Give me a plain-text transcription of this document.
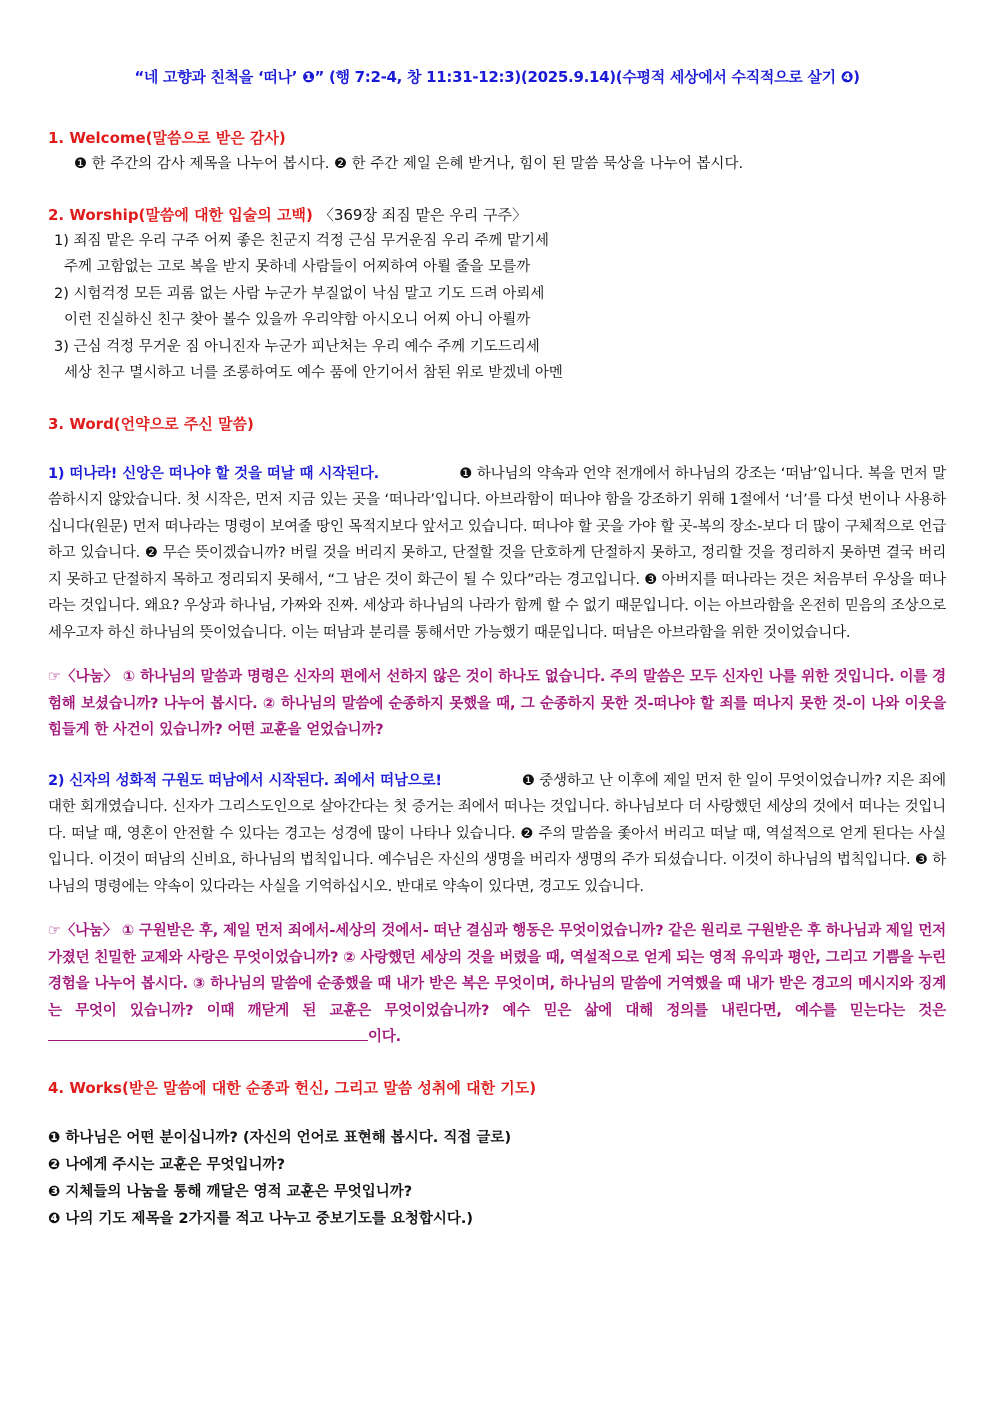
“네 고향과 친척을 ‘떠나’ ❶” (행 7:2-4, 창 11:31-12:3)(2025.9.14)(수평적 세상에서 수직적으로 살기 ❹)

1. Welcome(말씀으로 받은 감사)

❶ 한 주간의 감사 제목을 나누어 봅시다. ❷ 한 주간 제일 은혜 받거나, 힘이 된 말씀 묵상을 나누어 봅시다.

2. Worship(말씀에 대한 입술의 고백) 〈369장 죄짐 맡은 우리 구주〉

1) 죄짐 맡은 우리 구주 어찌 좋은 친군지 걱정 근심 무거운짐 우리 주께 맡기세

주께 고함없는 고로 복을 받지 못하네 사람들이 어찌하여 아뢸 줄을 모를까

2) 시험걱정 모든 괴롬 없는 사람 누군가 부질없이 낙심 말고 기도 드려 아뢰세

이런 진실하신 친구 찾아 볼수 있을까 우리약함 아시오니 어찌 아니 아뢸까

3) 근심 걱정 무거운 짐 아니진자 누군가 피난처는 우리 예수 주께 기도드리세

세상 친구 멸시하고 너를 조롱하여도 예수 품에 안기어서 참된 위로 받겠네 아멘

3. Word(언약으로 주신 말씀)

1) 떠나라! 신앙은 떠나야 할 것을 떠날 때 시작된다.	❶ 하나님의 약속과 언약 전개에서 하나님의 강조는 ‘떠남’입니다. 복을 먼저 말씀하시지 않았습니다. 첫 시작은, 먼저 지금 있는 곳을 ‘떠나라’입니다. 아브라함이 떠나야 함을 강조하기 위해 1절에서 ‘너’를 다섯 번이나 사용하십니다(원문) 먼저 떠나라는 명령이 보여줄 땅인 목적지보다 앞서고 있습니다. 떠나야 할 곳을 가야 할 곳-복의 장소-보다 더 많이 구체적으로 언급하고 있습니다. ❷ 무슨 뜻이겠습니까? 버릴 것을 버리지 못하고, 단절할 것을 단호하게 단절하지 못하고, 정리할 것을 정리하지 못하면 결국 버리지 못하고 단절하지 목하고 정리되지 못해서, “그 남은 것이 화근이 될 수 있다”라는 경고입니다. ❸ 아버지를 떠나라는 것은 처음부터 우상을 떠나라는 것입니다. 왜요? 우상과 하나님, 가짜와 진짜. 세상과 하나님의 나라가 함께 할 수 없기 때문입니다. 이는 아브라함을 온전히 믿음의 조상으로 세우고자 하신 하나님의 뜻이었습니다. 이는 떠남과 분리를 통해서만 가능했기 때문입니다. 떠남은 아브라함을 위한 것이었습니다.

☞〈나눔〉 ① 하나님의 말씀과 명령은 신자의 편에서 선하지 않은 것이 하나도 없습니다. 주의 말씀은 모두 신자인 나를 위한 것입니다. 이를 경험해 보셨습니까? 나누어 봅시다. ② 하나님의 말씀에 순종하지 못했을 때, 그 순종하지 못한 것-떠나야 할 죄를 떠나지 못한 것-이 나와 이웃을 힘들게 한 사건이 있습니까? 어떤 교훈을 얻었습니까?

2) 신자의 성화적 구원도 떠남에서 시작된다. 죄에서 떠남으로!	❶ 중생하고 난 이후에 제일 먼저 한 일이 무엇이었습니까? 지은 죄에 대한 회개였습니다. 신자가 그리스도인으로 살아간다는 첫 증거는 죄에서 떠나는 것입니다. 하나님보다 더 사랑했던 세상의 것에서 떠나는 것입니다. 떠날 때, 영혼이 안전할 수 있다는 경고는 성경에 많이 나타나 있습니다. ❷ 주의 말씀을 좇아서 버리고 떠날 때, 역설적으로 얻게 된다는 사실입니다. 이것이 떠남의 신비요, 하나님의 법칙입니다. 예수님은 자신의 생명을 버리자 생명의 주가 되셨습니다. 이것이 하나님의 법칙입니다. ❸ 하나님의 명령에는 약속이 있다라는 사실을 기억하십시오. 반대로 약속이 있다면, 경고도 있습니다.

☞〈나눔〉 ① 구원받은 후, 제일 먼저 죄에서-세상의 것에서- 떠난 결심과 행동은 무엇이었습니까? 같은 원리로 구원받은 후 하나님과 제일 먼저 가졌던 친밀한 교제와 사랑은 무엇이었습니까? ② 사랑했던 세상의 것을 버렸을 때, 역설적으로 얻게 되는 영적 유익과 평안, 그리고 기쁨을 누린 경험을 나누어 봅시다. ③ 하나님의 말씀에 순종했을 때 내가 받은 복은 무엇이며, 하나님의 말씀에 거역했을 때 내가 받은 경고의 메시지와 징계는 무엇이 있습니까? 이때 깨닫게 된 교훈은 무엇이었습니까? 예수 믿은 삶에 대해 정의를 내린다면, 예수를 믿는다는 것은 이다.

4. Works(받은 말씀에 대한 순종과 헌신, 그리고 말씀 성취에 대한 기도)

❶ 하나님은 어떤 분이십니까? (자신의 언어로 표현해 봅시다. 직접 글로)

❷ 나에게 주시는 교훈은 무엇입니까?

❸ 지체들의 나눔을 통해 깨달은 영적 교훈은 무엇입니까?

❹ 나의 기도 제목을 2가지를 적고 나누고 중보기도를 요청합시다.)
